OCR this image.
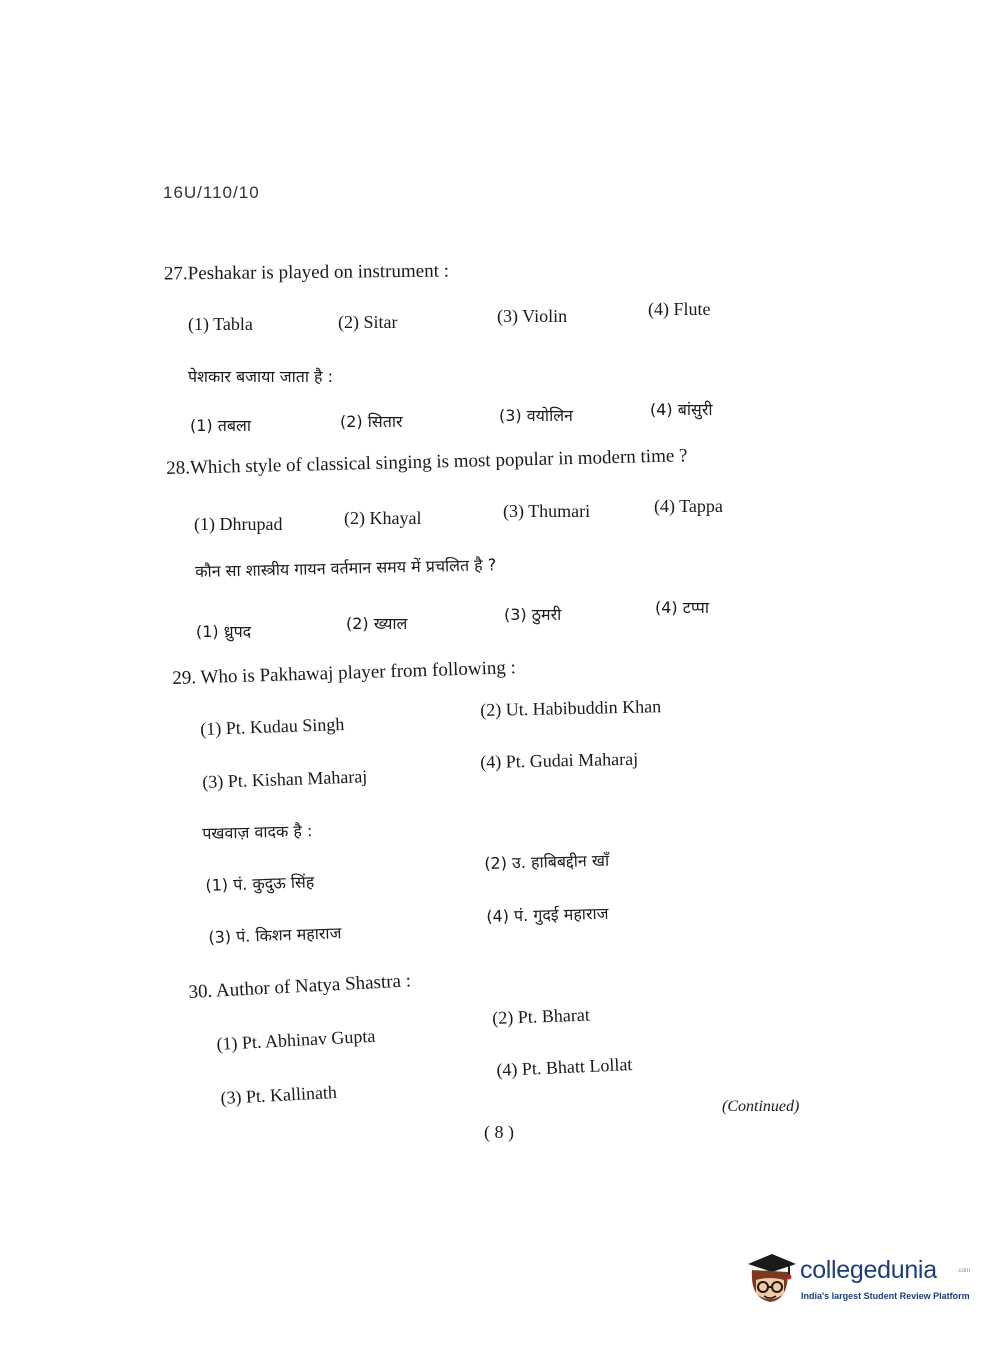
16U/110/10
27.Peshakar is played on instrument :
(1) Tabla	(2) Sitar	(3) Violin	(4) Flute
पेशकार बजाया जाता है :
(1) तबला	(2) सितार	(3) वयोलिन	(4) बांसुरी
28.Which style of classical singing is most popular in modern time ?
(1) Dhrupad	(2) Khayal	(3) Thumari	(4) Tappa
कौन सा शास्त्रीय गायन वर्तमान समय में प्रचलित है ?
(1) ध्रुपद	(2) ख्याल	(3) ठुमरी	(4) टप्पा
29. Who is Pakhawaj player from following :
(1) Pt. Kudau Singh
(2) Ut. Habibuddin Khan
(3) Pt. Kishan Maharaj
(4) Pt. Gudai Maharaj
पखवाज़ वादक है :
(1) पं. कुदुऊ सिंह
(2) उ. हाबिबद्दीन खाँ
(3) पं. किशन महाराज
(4) पं. गुदई महाराज
30. Author of Natya Shastra :
(1) Pt. Abhinav Gupta
(2) Pt. Bharat
(3) Pt. Kallinath
(4) Pt. Bhatt Lollat
(Continued)
( 8 )
collegedunia	.com
India's largest Student Review Platform
